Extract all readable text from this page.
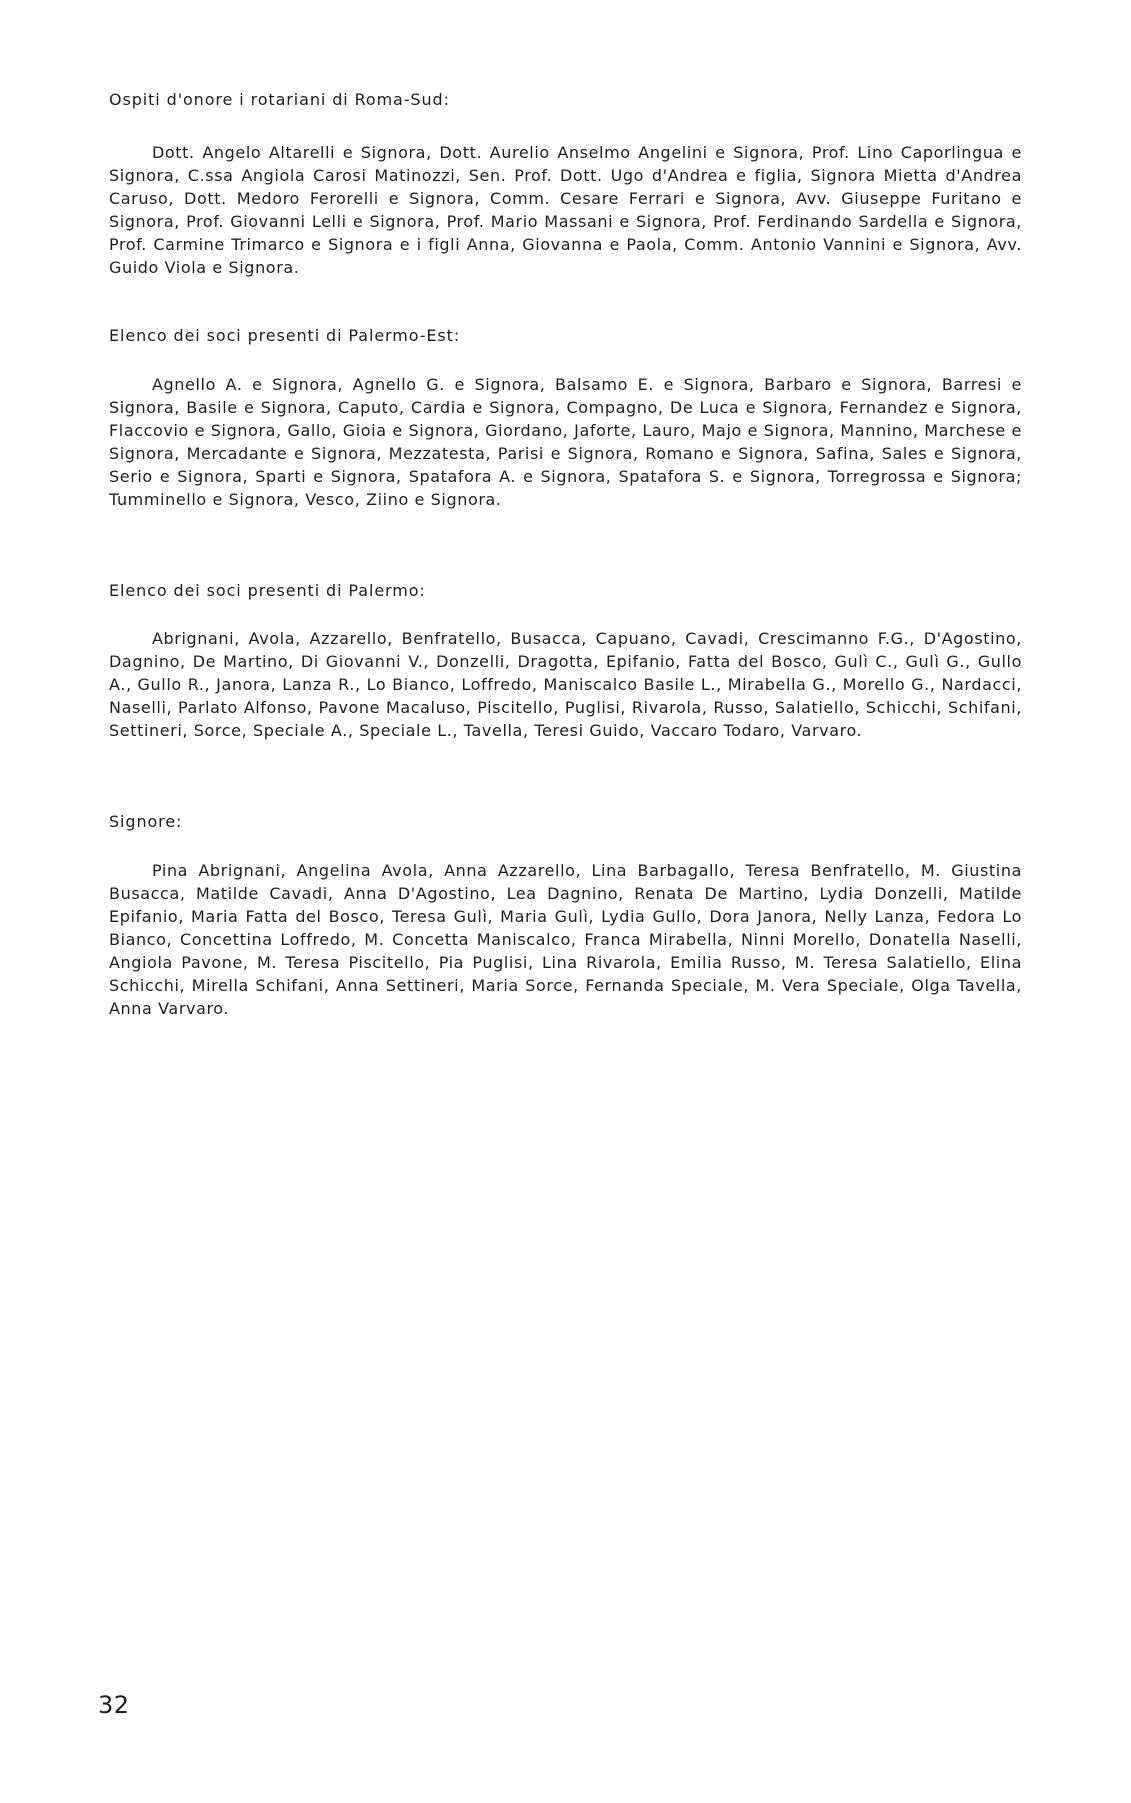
Ospiti d'onore i rotariani di Roma-Sud:

Dott. Angelo Altarelli e Signora, Dott. Aurelio Anselmo Angelini e Signora, Prof. Lino Caporlingua e Signora, C.ssa Angiola Carosi Matinozzi, Sen. Prof. Dott. Ugo d'Andrea e figlia, Signora Mietta d'Andrea Caruso, Dott. Medoro Ferorelli e Signora, Comm. Cesare Ferrari e Signora, Avv. Giuseppe Furitano e Signora, Prof. Giovanni Lelli e Signora, Prof. Mario Massani e Signora, Prof. Ferdinando Sardella e Signora, Prof. Carmine Trimarco e Signora e i figli Anna, Giovanna e Paola, Comm. Antonio Vannini e Signora, Avv. Guido Viola e Signora.

Elenco dei soci presenti di Palermo-Est:

Agnello A. e Signora, Agnello G. e Signora, Balsamo E. e Signora, Barbaro e Signora, Barresi e Signora, Basile e Signora, Caputo, Cardia e Signora, Compagno, De Luca e Signora, Fernandez e Signora, Flaccovio e Signora, Gallo, Gioia e Signora, Giordano, Jaforte, Lauro, Majo e Signora, Mannino, Marchese e Signora, Mercadante e Signora, Mezzatesta, Parisi e Signora, Romano e Signora, Safina, Sales e Signora, Serio e Signora, Sparti e Signora, Spatafora A. e Signora, Spatafora S. e Signora, Torregrossa e Signora; Tumminello e Signora, Vesco, Ziino e Signora.

Elenco dei soci presenti di Palermo:

Abrignani, Avola, Azzarello, Benfratello, Busacca, Capuano, Cavadi, Crescimanno F.G., D'Agostino, Dagnino, De Martino, Di Giovanni V., Donzelli, Dragotta, Epifanio, Fatta del Bosco, Gulì C., Gulì G., Gullo A., Gullo R., Janora, Lanza R., Lo Bianco, Loffredo, Maniscalco Basile L., Mirabella G., Morello G., Nardacci, Naselli, Parlato Alfonso, Pavone Macaluso, Piscitello, Puglisi, Rivarola, Russo, Salatiello, Schicchi, Schifani, Settineri, Sorce, Speciale A., Speciale L., Tavella, Teresi Guido, Vaccaro Todaro, Varvaro.

Signore:

Pina Abrignani, Angelina Avola, Anna Azzarello, Lina Barbagallo, Teresa Benfratello, M. Giustina Busacca, Matilde Cavadi, Anna D'Agostino, Lea Dagnino, Renata De Martino, Lydia Donzelli, Matilde Epifanio, Maria Fatta del Bosco, Teresa Gulì, Maria Gulì, Lydia Gullo, Dora Janora, Nelly Lanza, Fedora Lo Bianco, Concettina Loffredo, M. Concetta Maniscalco, Franca Mirabella, Ninni Morello, Donatella Naselli, Angiola Pavone, M. Teresa Piscitello, Pia Puglisi, Lina Rivarola, Emilia Russo, M. Teresa Salatiello, Elina Schicchi, Mirella Schifani, Anna Settineri, Maria Sorce, Fernanda Speciale, M. Vera Speciale, Olga Tavella, Anna Varvaro.

32
